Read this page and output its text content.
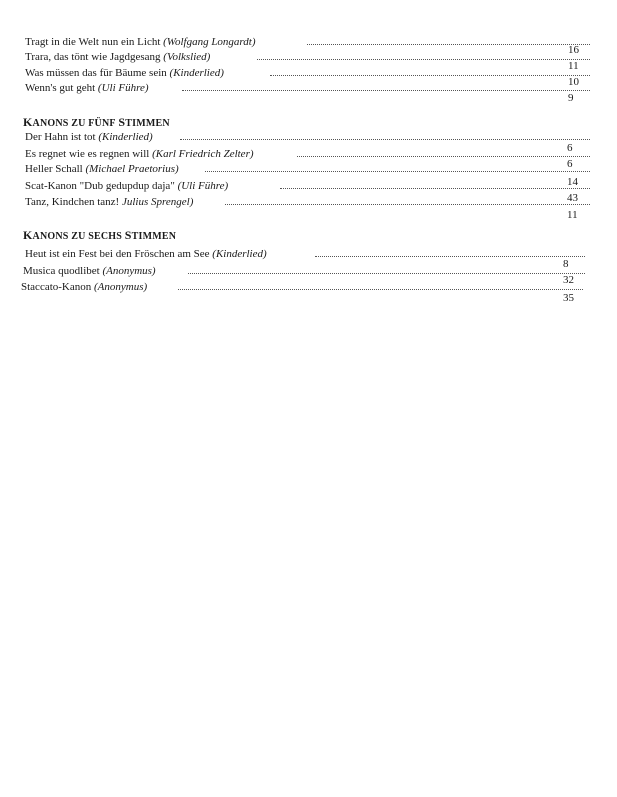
Tragt in die Welt nun ein Licht (Wolfgang Longardt)
16
Trara, das tönt wie Jagdgesang (Volkslied)
11
Was müssen das für Bäume sein (Kinderlied)
10
Wenn's gut geht (Uli Führe)
9
KANONS ZU FÜNF STIMMEN
Der Hahn ist tot (Kinderlied)
6
Es regnet wie es regnen will (Karl Friedrich Zelter)
6
Heller Schall (Michael Praetorius)
14
Scat-Kanon "Dub gedupdup daja" (Uli Führe)
43
Tanz, Kindchen tanz! Julius Sprengel)
11
KANONS ZU SECHS STIMMEN
Heut ist ein Fest bei den Fröschen am See (Kinderlied)
8
Musica quodlibet (Anonymus)
32
Staccato-Kanon (Anonymus)
35
